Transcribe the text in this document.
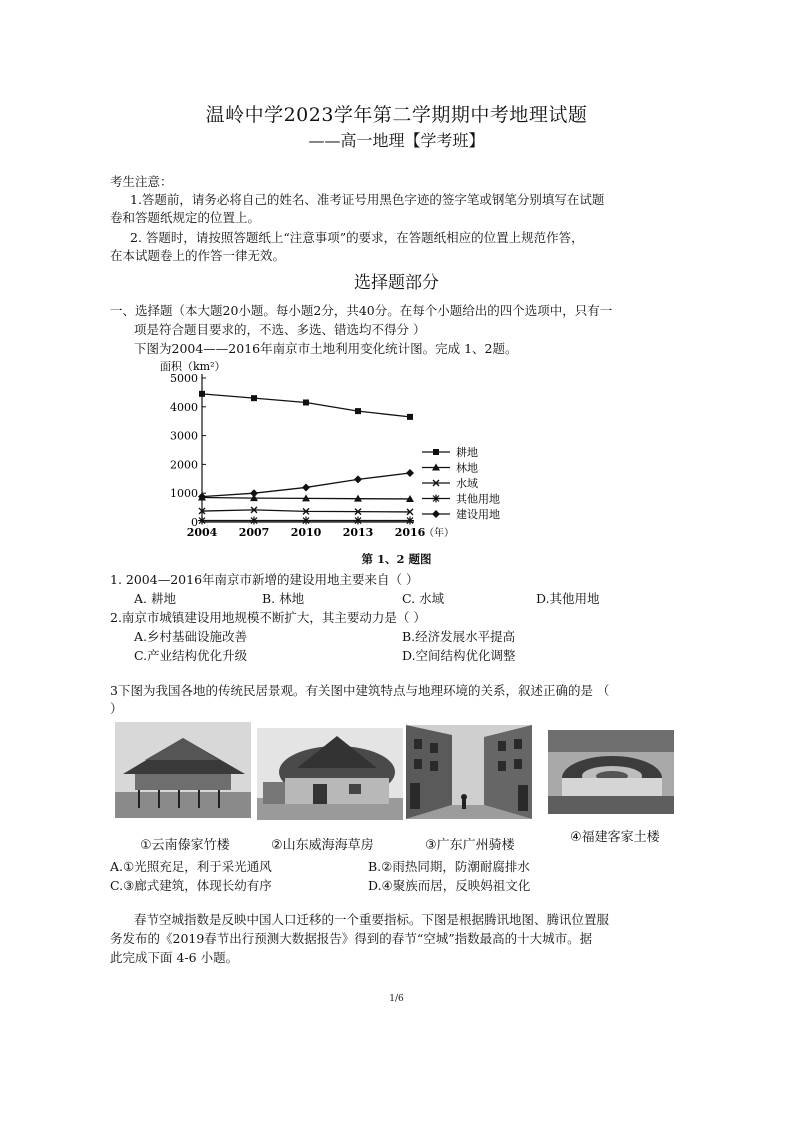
温岭中学2023学年第二学期期中考地理试题
——高一地理【学考班】
考生注意：
1.答题前，请务必将自己的姓名、准考证号用黑色字迹的签字笔或钢笔分别填写在试题
卷和答题纸规定的位置上。
2. 答题时，请按照答题纸上“注意事项”的要求，在答题纸相应的位置上规范作答，
在本试题卷上的作答一律无效。
选择题部分
一、选择题（本大题20小题。每小题2分，共40分。在每个小题给出的四个选项中，只有一
项是符合题目要求的，不选、多选、错选均不得分 ）
下图为2004——2016年南京市土地利用变化统计图。完成 1、2题。
面积（km²）
0
1000
2000
3000
4000
5000
2004 2007 2010 2013 2016
（年）
耕地
林地
水域
其他用地
建设用地
第 1、2 题图
1. 2004—2016年南京市新增的建设用地主要来自（ ）
A. 耕地	B. 林地	C. 水域	D.其他用地
2.南京市城镇建设用地规模不断扩大，其主要动力是（ ）
A.乡村基础设施改善	B.经济发展水平提高
C.产业结构优化升级	D.空间结构优化调整
3下图为我国各地的传统民居景观。有关图中建筑特点与地理环境的关系，叙述正确的是 （
）
①云南傣家竹楼	②山东威海海草房	③广东广州骑楼
④福建客家土楼
A.①光照充足，利于采光通风	B.②雨热同期，防潮耐腐排水
C.③廊式建筑，体现长幼有序	D.④聚族而居，反映妈祖文化
春节空城指数是反映中国人口迁移的一个重要指标。下图是根据腾讯地图、腾讯位置服
务发布的《2019春节出行预测大数据报告》得到的春节“空城”指数最高的十大城市。据
此完成下面 4-6 小题。
1/6
